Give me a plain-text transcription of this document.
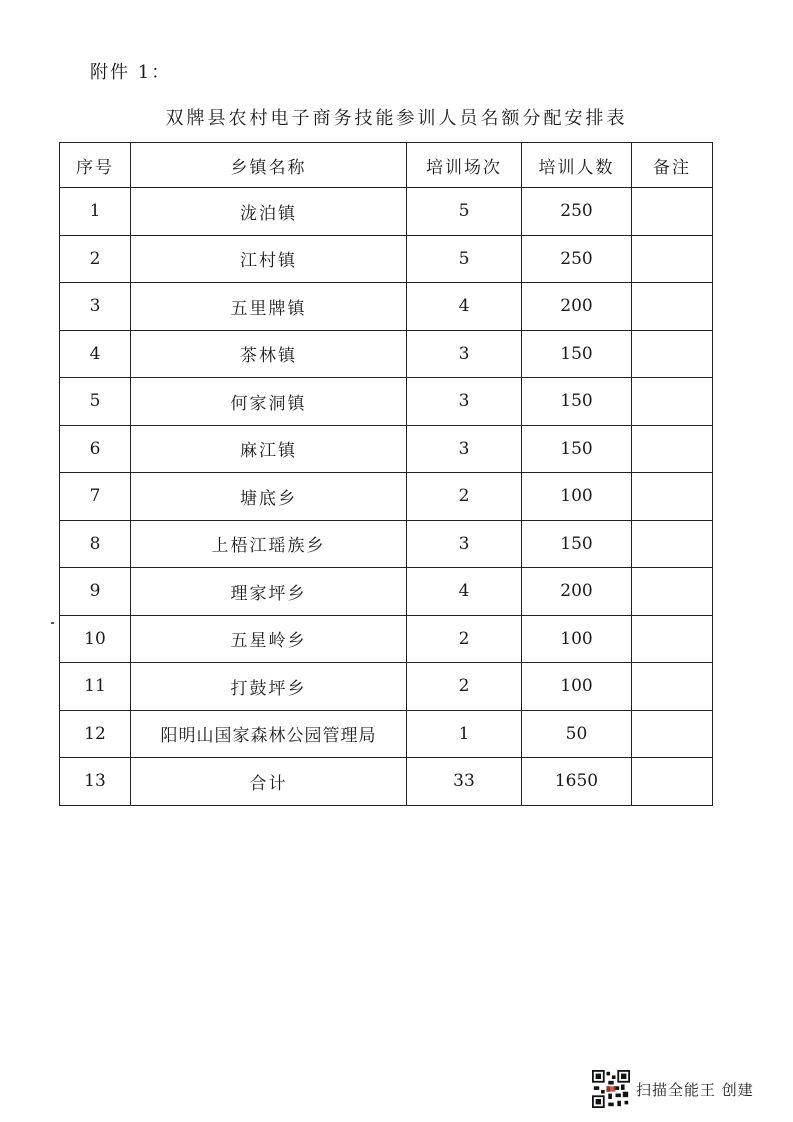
附件 1：
双牌县农村电子商务技能参训人员名额分配安排表
序号	乡镇名称	培训场次	培训人数	备注
1	泷泊镇	5	250	
2	江村镇	5	250	
3	五里牌镇	4	200	
4	茶林镇	3	150	
5	何家洞镇	3	150	
6	麻江镇	3	150	
7	塘底乡	2	100	
8	上梧江瑶族乡	3	150	
9	理家坪乡	4	200	
10	五星岭乡	2	100	
11	打鼓坪乡	2	100	
12	阳明山国家森林公园管理局	1	50	
13	合计	33	1650	
扫描全能王 创建
